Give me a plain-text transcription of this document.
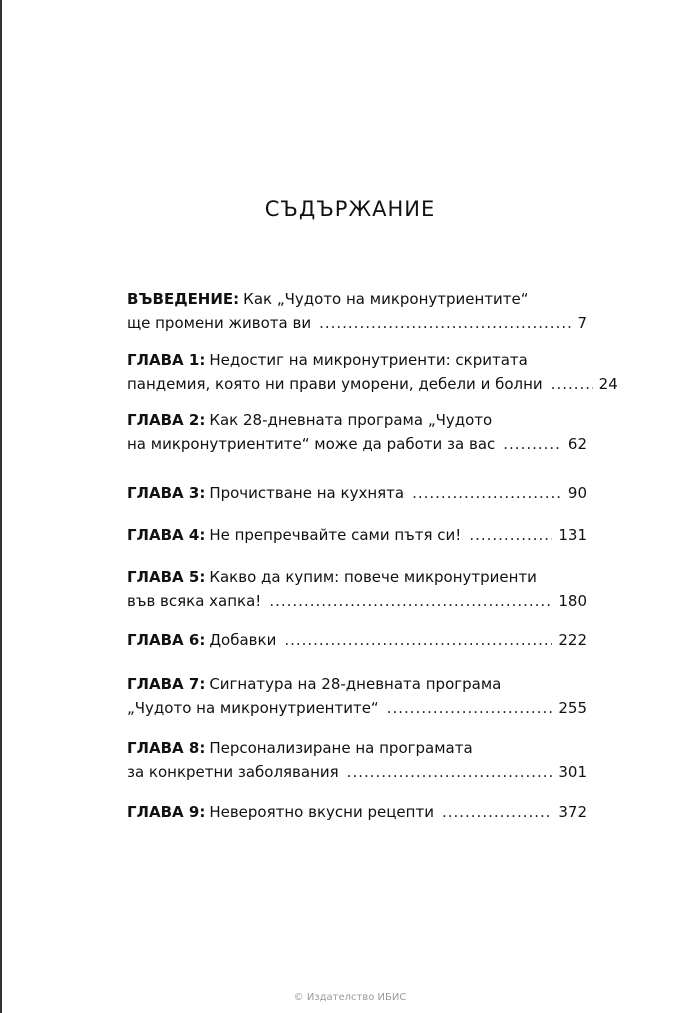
СЪДЪРЖАНИЕ
ВЪВЕДЕНИЕ: Как „Чудото на микронутриентите“
ще промени живота ви .....	7
ГЛАВА 1: Недостиг на микронутриенти: скритата
пандемия, която ни прави уморени, дебели и болни .....	24
ГЛАВА 2: Как 28-дневната програма „Чудото
на микронутриентите“ може да работи за вас .....	62
ГЛАВА 3: Прочистване на кухнята .....	90
ГЛАВА 4: Не препречвайте сами пътя си! .....	131
ГЛАВА 5: Какво да купим: повече микронутриенти
във всяка хапка! .....	180
ГЛАВА 6: Добавки .....	222
ГЛАВА 7: Сигнатура на 28-дневната програма
„Чудото на микронутриентите“ .....	255
ГЛАВА 8: Персонализиране на програмата
за конкретни заболявания .....	301
ГЛАВА 9: Невероятно вкусни рецепти .....	372
© Издателство ИБИС
